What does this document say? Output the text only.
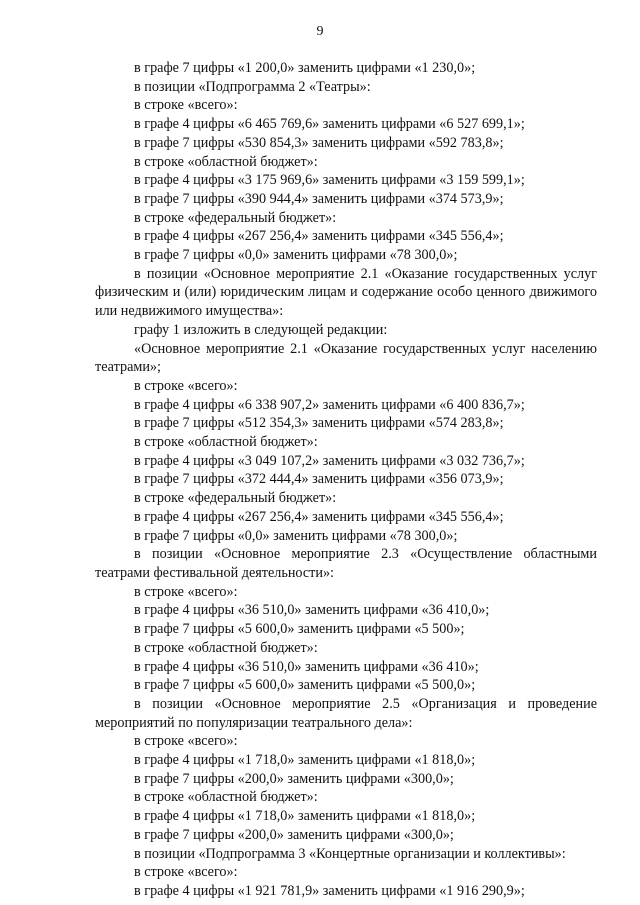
9
в графе 7 цифры «1 200,0» заменить цифрами «1 230,0»;
в позиции «Подпрограмма 2 «Театры»:
в строке «всего»:
в графе 4 цифры «6 465 769,6» заменить цифрами «6 527 699,1»;
в графе 7 цифры «530 854,3» заменить цифрами «592 783,8»;
в строке «областной бюджет»:
в графе 4 цифры «3 175 969,6» заменить цифрами «3 159 599,1»;
в графе 7 цифры «390 944,4» заменить цифрами «374 573,9»;
в строке «федеральный бюджет»:
в графе 4 цифры «267 256,4» заменить цифрами «345 556,4»;
в графе 7 цифры «0,0» заменить цифрами «78 300,0»;
в позиции «Основное мероприятие 2.1 «Оказание государственных услуг физическим и (или) юридическим лицам и содержание особо ценного движимого или недвижимого имущества»:
графу 1 изложить в следующей редакции:
«Основное мероприятие 2.1 «Оказание государственных услуг населению театрами»;
в строке «всего»:
в графе 4 цифры «6 338 907,2» заменить цифрами «6 400 836,7»;
в графе 7 цифры «512 354,3» заменить цифрами «574 283,8»;
в строке «областной бюджет»:
в графе 4 цифры «3 049 107,2» заменить цифрами «3 032 736,7»;
в графе 7 цифры «372 444,4» заменить цифрами «356 073,9»;
в строке «федеральный бюджет»:
в графе 4 цифры «267 256,4» заменить цифрами «345 556,4»;
в графе 7 цифры «0,0» заменить цифрами «78 300,0»;
в позиции «Основное мероприятие 2.3 «Осуществление областными театрами фестивальной деятельности»:
в строке «всего»:
в графе 4 цифры «36 510,0» заменить цифрами «36 410,0»;
в графе 7 цифры «5 600,0» заменить цифрами «5 500»;
в строке «областной бюджет»:
в графе 4 цифры «36 510,0» заменить цифрами «36 410»;
в графе 7 цифры «5 600,0» заменить цифрами «5 500,0»;
в позиции «Основное мероприятие 2.5 «Организация и проведение мероприятий по популяризации театрального дела»:
в строке «всего»:
в графе 4 цифры «1 718,0» заменить цифрами «1 818,0»;
в графе 7 цифры «200,0» заменить цифрами «300,0»;
в строке «областной бюджет»:
в графе 4 цифры «1 718,0» заменить цифрами «1 818,0»;
в графе 7 цифры «200,0» заменить цифрами «300,0»;
в позиции «Подпрограмма 3 «Концертные организации и коллективы»:
в строке «всего»:
в графе 4 цифры «1 921 781,9» заменить цифрами «1 916 290,9»;
